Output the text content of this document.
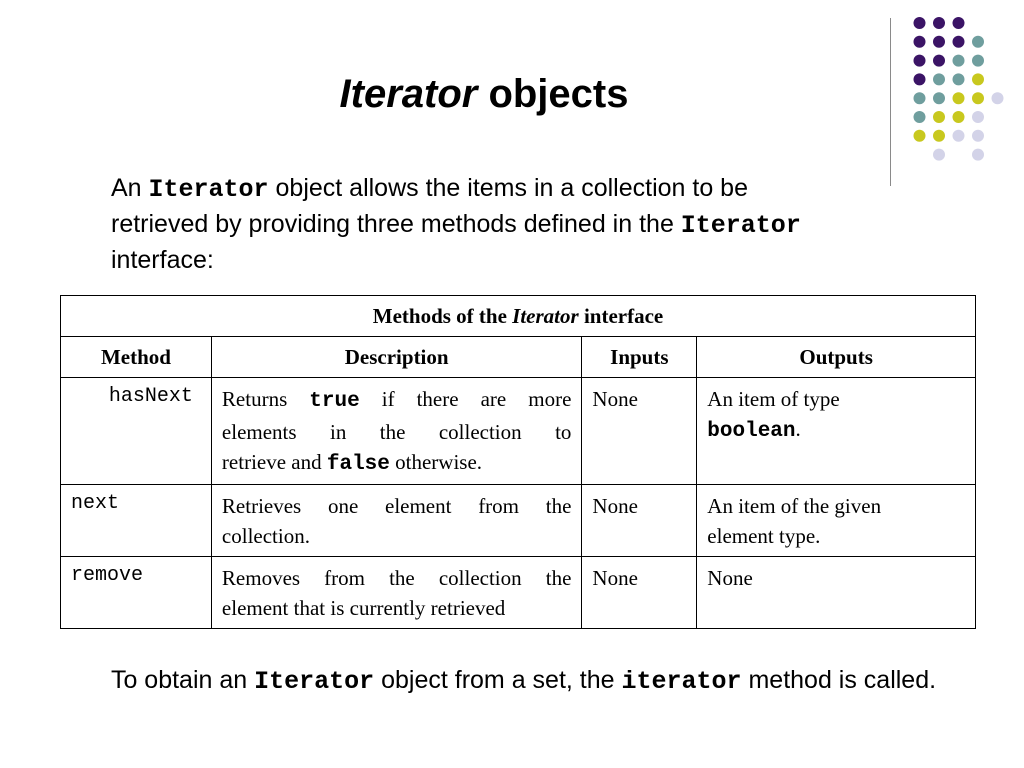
Iterator objects

An Iterator object allows the items in a collection to be
retrieved by providing three methods defined in the Iterator
interface:

Methods of the Iterator interface			
Method	Description	Inputs	Outputs
hasNext	Returns true if there are more
elements in the collection to
retrieve and false otherwise.	None	An item of type
boolean.
next	Retrieves one element from the
collection.	None	An item of the given
element type.
remove	Removes from the collection the
element that is currently retrieved	None	None

To obtain an Iterator object from a set, the iterator method is called.
